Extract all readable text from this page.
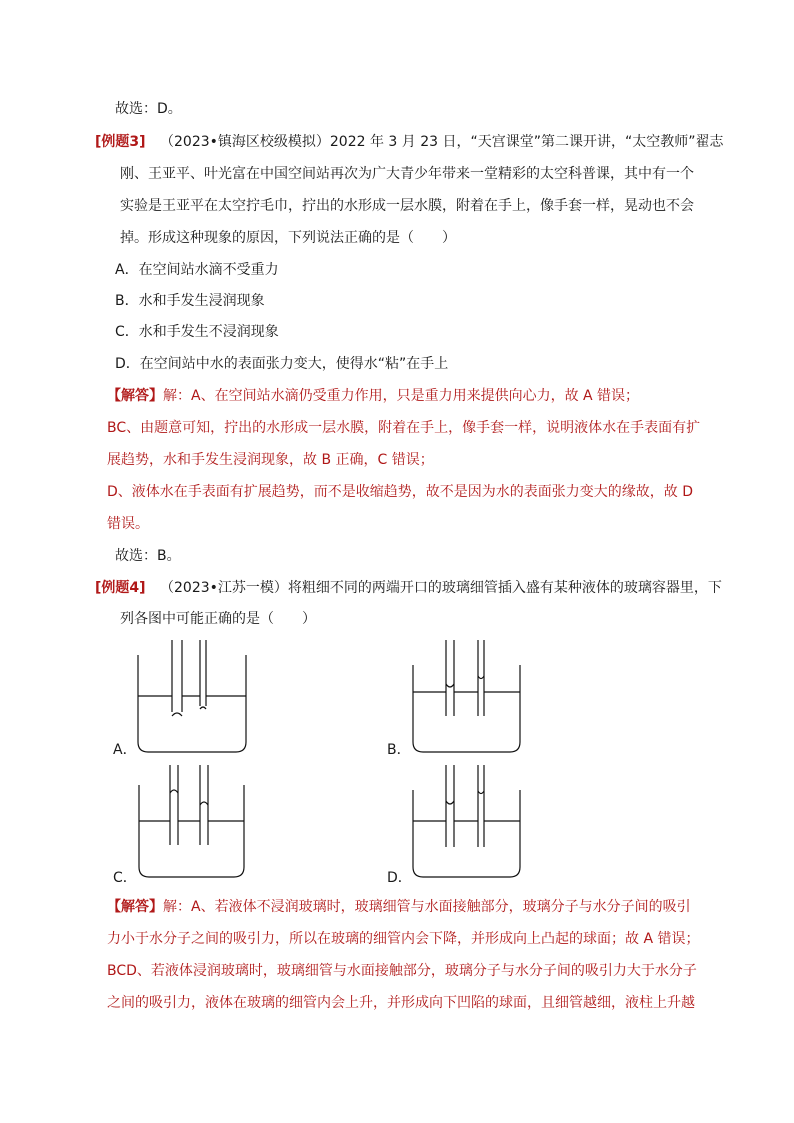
故选：D。
[例题3] （2023•镇海区校级模拟）2022 年 3 月 23 日，“天宫课堂”第二课开讲，“太空教师”翟志
刚、王亚平、叶光富在中国空间站再次为广大青少年带来一堂精彩的太空科普课，其中有一个
实验是王亚平在太空拧毛巾，拧出的水形成一层水膜，附着在手上，像手套一样，晃动也不会
掉。形成这种现象的原因，下列说法正确的是（　　）
A．在空间站水滴不受重力
B．水和手发生浸润现象
C．水和手发生不浸润现象
D．在空间站中水的表面张力变大，使得水“粘”在手上
【解答】解：A、在空间站水滴仍受重力作用，只是重力用来提供向心力，故 A 错误；
BC、由题意可知，拧出的水形成一层水膜，附着在手上，像手套一样，说明液体水在手表面有扩
展趋势，水和手发生浸润现象，故 B 正确，C 错误；
D、液体水在手表面有扩展趋势，而不是收缩趋势，故不是因为水的表面张力变大的缘故，故 D
错误。
故选：B。
[例题4] （2023•江苏一模）将粗细不同的两端开口的玻璃细管插入盛有某种液体的玻璃容器里，下
列各图中可能正确的是（　　）
A．	B．
C．	D．
【解答】解：A、若液体不浸润玻璃时，玻璃细管与水面接触部分，玻璃分子与水分子间的吸引
力小于水分子之间的吸引力，所以在玻璃的细管内会下降，并形成向上凸起的球面；故 A 错误；
BCD、若液体浸润玻璃时，玻璃细管与水面接触部分，玻璃分子与水分子间的吸引力大于水分子
之间的吸引力，液体在玻璃的细管内会上升，并形成向下凹陷的球面，且细管越细，液柱上升越
